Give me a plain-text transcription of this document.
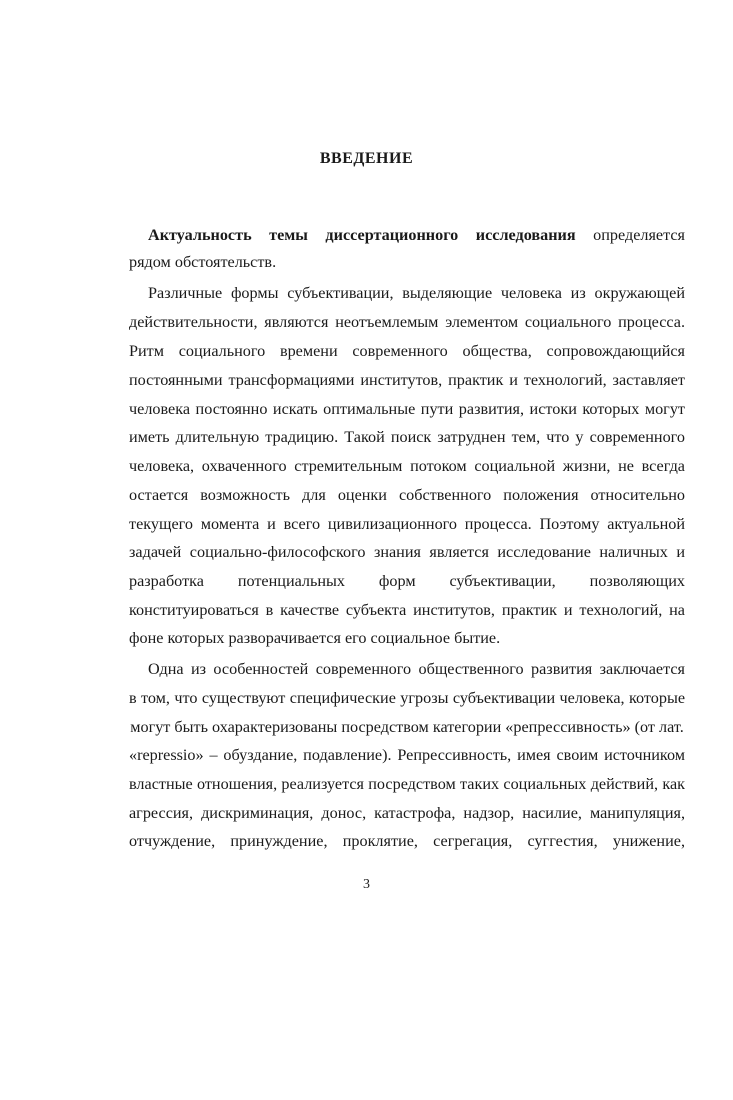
ВВЕДЕНИЕ
Актуальность темы диссертационного исследования определяется
рядом обстоятельств.
Различные формы субъективации, выделяющие человека из окружающей
действительности, являются неотъемлемым элементом социального процесса.
Ритм социального времени современного общества, сопровождающийся
постоянными трансформациями институтов, практик и технологий, заставляет
человека постоянно искать оптимальные пути развития, истоки которых могут
иметь длительную традицию. Такой поиск затруднен тем, что у современного
человека, охваченного стремительным потоком социальной жизни, не всегда
остается возможность для оценки собственного положения относительно
текущего момента и всего цивилизационного процесса. Поэтому актуальной
задачей социально-философского знания является исследование наличных и
разработка потенциальных форм субъективации, позволяющих
конституироваться в качестве субъекта институтов, практик и технологий, на
фоне которых разворачивается его социальное бытие.
Одна из особенностей современного общественного развития заключается
в том, что существуют специфические угрозы субъективации человека, которые
могут быть охарактеризованы посредством категории «репрессивность» (от лат.
«repressio» – обуздание, подавление). Репрессивность, имея своим источником
властные отношения, реализуется посредством таких социальных действий, как
агрессия, дискриминация, донос, катастрофа, надзор, насилие, манипуляция,
отчуждение, принуждение, проклятие, сегрегация, суггестия, унижение,
3
